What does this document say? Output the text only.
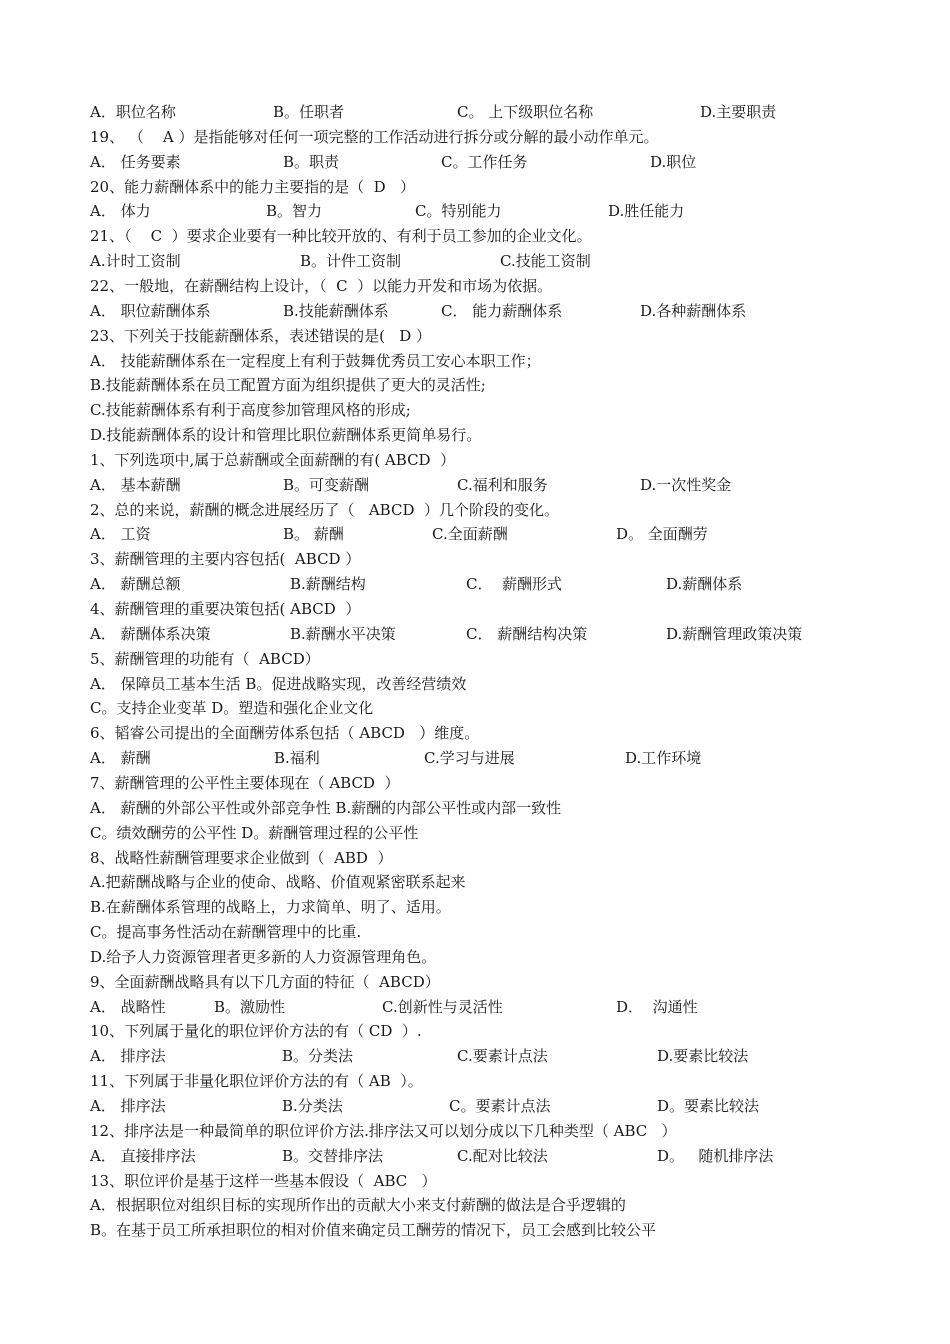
A．职位名称	B。任职者	C。 上下级职位名称	D.主要职责
19、 （    A ）是指能够对任何一项完整的工作活动进行拆分或分解的最小动作单元。
A． 任务要素	B。职责	C。工作任务	D.职位
20、能力薪酬体系中的能力主要指的是（  D   ）
A． 体力	B。智力	C。特别能力	D.胜任能力
21、（    C  ）要求企业要有一种比较开放的、有利于员工参加的企业文化。
A.计时工资制	B。计件工资制	C.技能工资制
22、一般地，在薪酬结构上设计，（  C  ）以能力开发和市场为依据。
A． 职位薪酬体系	B.技能薪酬体系	C． 能力薪酬体系	D.各种薪酬体系
23、下列关于技能薪酬体系，表述错误的是(   D ）
A． 技能薪酬体系在一定程度上有利于鼓舞优秀员工安心本职工作；
B.技能薪酬体系在员工配置方面为组织提供了更大的灵活性;
C.技能薪酬体系有利于高度参加管理风格的形成;
D.技能薪酬体系的设计和管理比职位薪酬体系更简单易行。
1、下列选项中,属于总薪酬或全面薪酬的有( ABCD  ）
A． 基本薪酬	B。可变薪酬	C.福利和服务	D.一次性奖金
2、总的来说，薪酬的概念进展经历了（   ABCD  ）几个阶段的变化。
A． 工资	B。 薪酬	C.全面薪酬	D。 全面酬劳
3、薪酬管理的主要内容包括(  ABCD ）
A． 薪酬总额	B.薪酬结构	C．  薪酬形式	D.薪酬体系
4、薪酬管理的重要决策包括( ABCD  ）
A． 薪酬体系决策	B.薪酬水平决策	C． 薪酬结构决策	D.薪酬管理政策决策
5、薪酬管理的功能有（  ABCD）
A． 保障员工基本生活 B。促进战略实现，改善经营绩效
C。支持企业变革 D。塑造和强化企业文化
6、韬睿公司提出的全面酬劳体系包括（ ABCD   ）维度。
A． 薪酬	B.福利	C.学习与进展	D.工作环境
7、薪酬管理的公平性主要体现在（ ABCD  ）
A． 薪酬的外部公平性或外部竞争性 B.薪酬的内部公平性或内部一致性
C。绩效酬劳的公平性 D。薪酬管理过程的公平性
8、战略性薪酬管理要求企业做到（  ABD  ）
A.把薪酬战略与企业的使命、战略、价值观紧密联系起来
B.在薪酬体系管理的战略上，力求简单、明了、适用。
C。提高事务性活动在薪酬管理中的比重.
D.给予人力资源管理者更多新的人力资源管理角色。
9、全面薪酬战略具有以下几方面的特征（  ABCD）
A． 战略性	B。激励性	C.创新性与灵活性	D．  沟通性
10、下列属于量化的职位评价方法的有（ CD  ）.
A． 排序法	B。分类法	C.要素计点法	D.要素比较法
11、下列属于非量化职位评价方法的有（ AB  ）。
A． 排序法	B.分类法	C。要素计点法	D。要素比较法
12、排序法是一种最简单的职位评价方法.排序法又可以划分成以下几种类型（ ABC   ）
A． 直接排序法	B。交替排序法	C.配对比较法	D。   随机排序法
13、职位评价是基于这样一些基本假设（  ABC   ）
A．根据职位对组织目标的实现所作出的贡献大小来支付薪酬的做法是合乎逻辑的
B。在基于员工所承担职位的相对价值来确定员工酬劳的情况下，员工会感到比较公平
